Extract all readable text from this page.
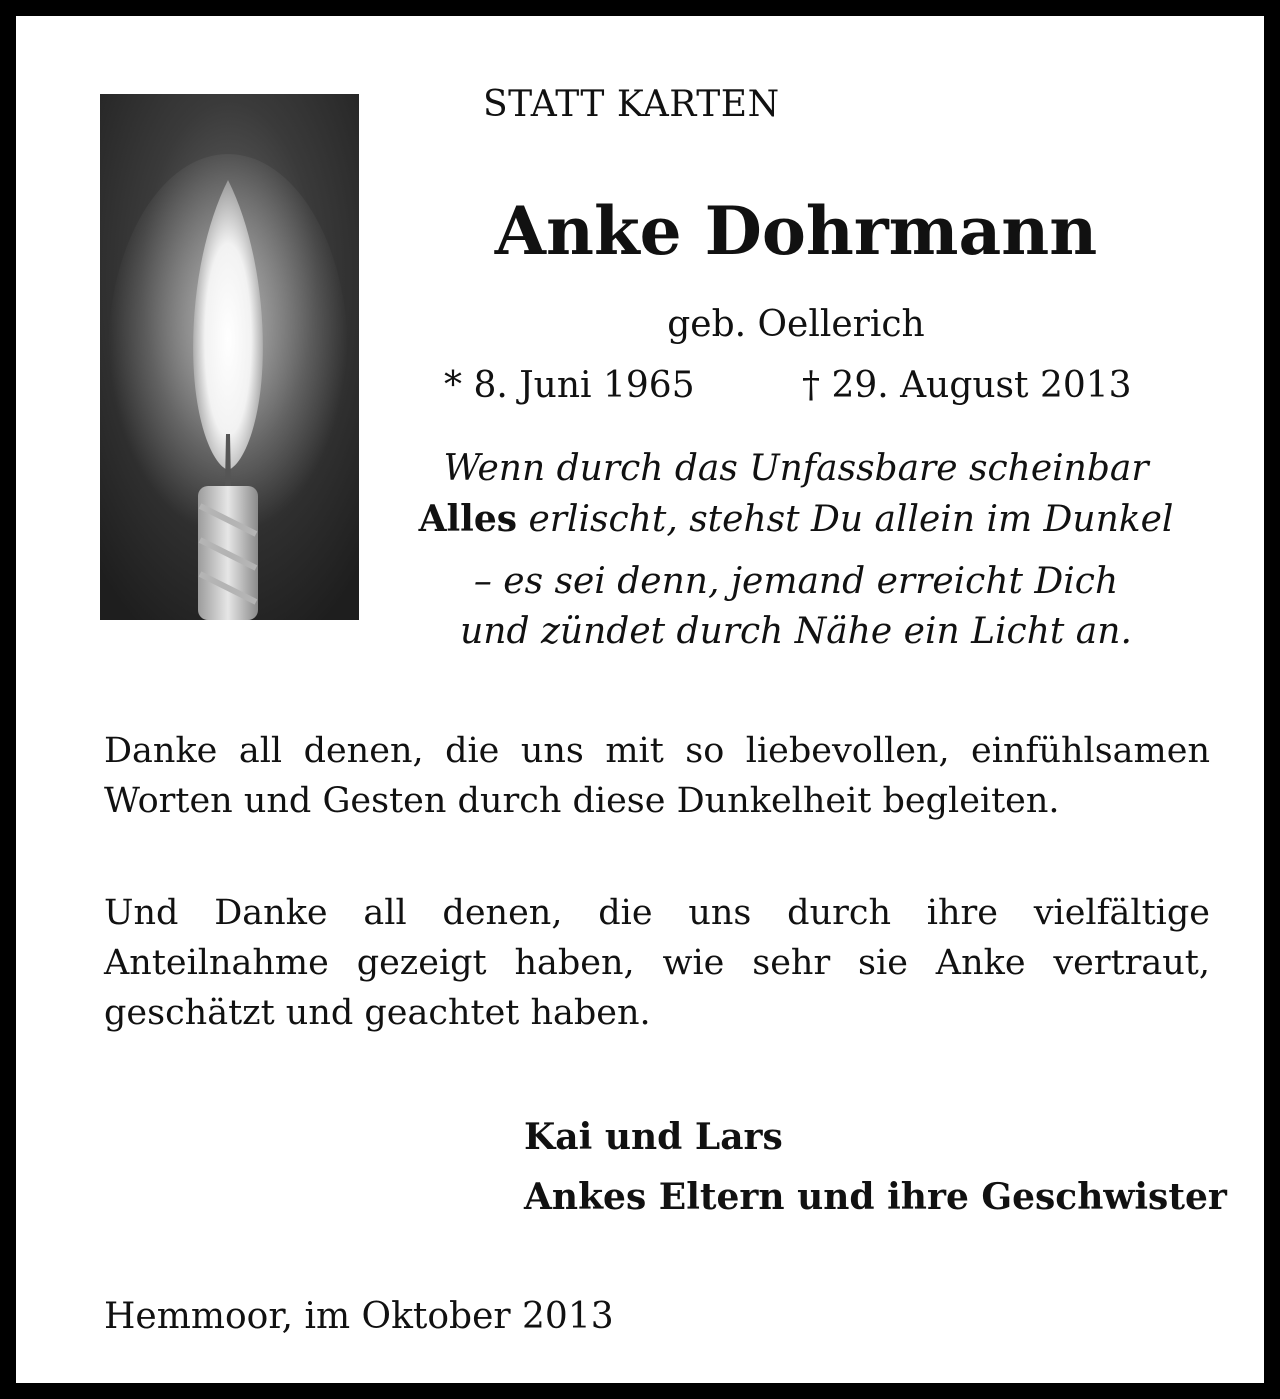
STATT KARTEN
Anke Dohrmann
geb. Oellerich
* 8. Juni 1965	† 29. August 2013
Wenn durch das Unfassbare scheinbar
Alles erlischt, stehst Du allein im Dunkel
– es sei denn, jemand erreicht Dich
und zündet durch Nähe ein Licht an.
Danke all denen, die uns mit so liebevollen, einfühlsamen Worten und Gesten durch diese Dunkelheit begleiten.
Und Danke all denen, die uns durch ihre vielfältige Anteilnahme gezeigt haben, wie sehr sie Anke vertraut, geschätzt und geachtet haben.
Kai und Lars
Ankes Eltern und ihre Geschwister
Hemmoor, im Oktober 2013
